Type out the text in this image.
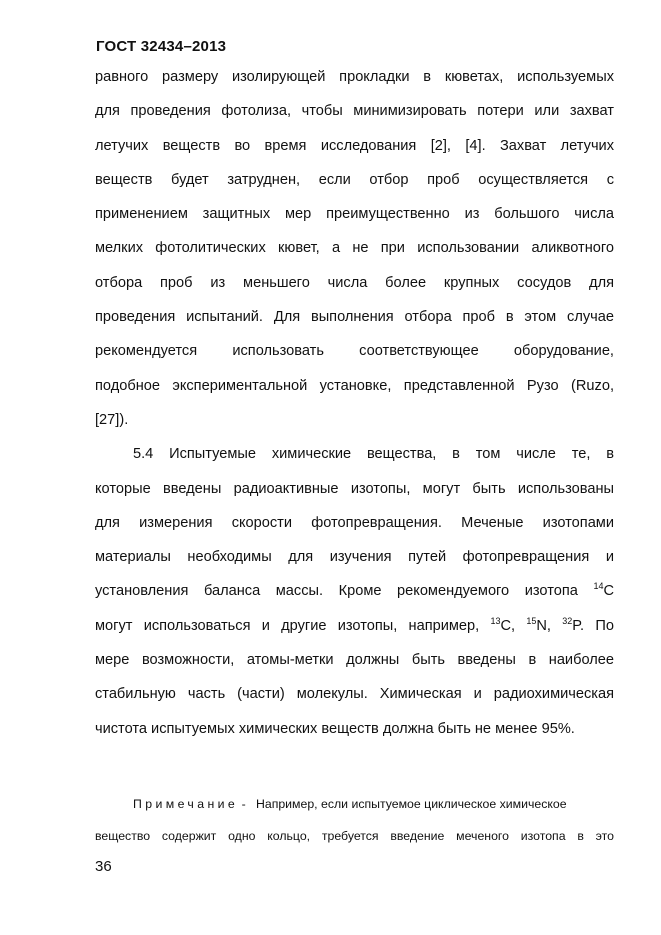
ГОСТ 32434–2013
равного размеру изолирующей прокладки в кюветах, используемых
для проведения фотолиза, чтобы минимизировать потери или захват
летучих веществ во время исследования [2], [4]. Захват летучих
веществ будет затруднен, если отбор проб осуществляется с
применением защитных мер преимущественно из большого числа
мелких фотолитических кювет, а не при использовании аликвотного
отбора проб из меньшего числа более крупных сосудов для
проведения испытаний. Для выполнения отбора проб в этом случае
рекомендуется использовать соответствующее оборудование,
подобное экспериментальной установке, представленной Рузо (Ruzo,
[27]).
5.4 Испытуемые химические вещества, в том числе те, в
которые введены радиоактивные изотопы, могут быть использованы
для измерения скорости фотопревращения. Меченые изотопами
материалы необходимы для изучения путей фотопревращения и
установления баланса массы. Кроме рекомендуемого изотопа $^{14}$C
могут использоваться и другие изотопы, например, $^{13}$C, $^{15}$N, $^{32}$P. По
мере возможности, атомы-метки должны быть введены в наиболее
стабильную часть (части) молекулы. Химическая и радиохимическая
чистота испытуемых химических веществ должна быть не менее 95%.
Примечание - Например, если испытуемое циклическое химическое
вещество содержит одно кольцо, требуется введение меченого изотопа в это
36
